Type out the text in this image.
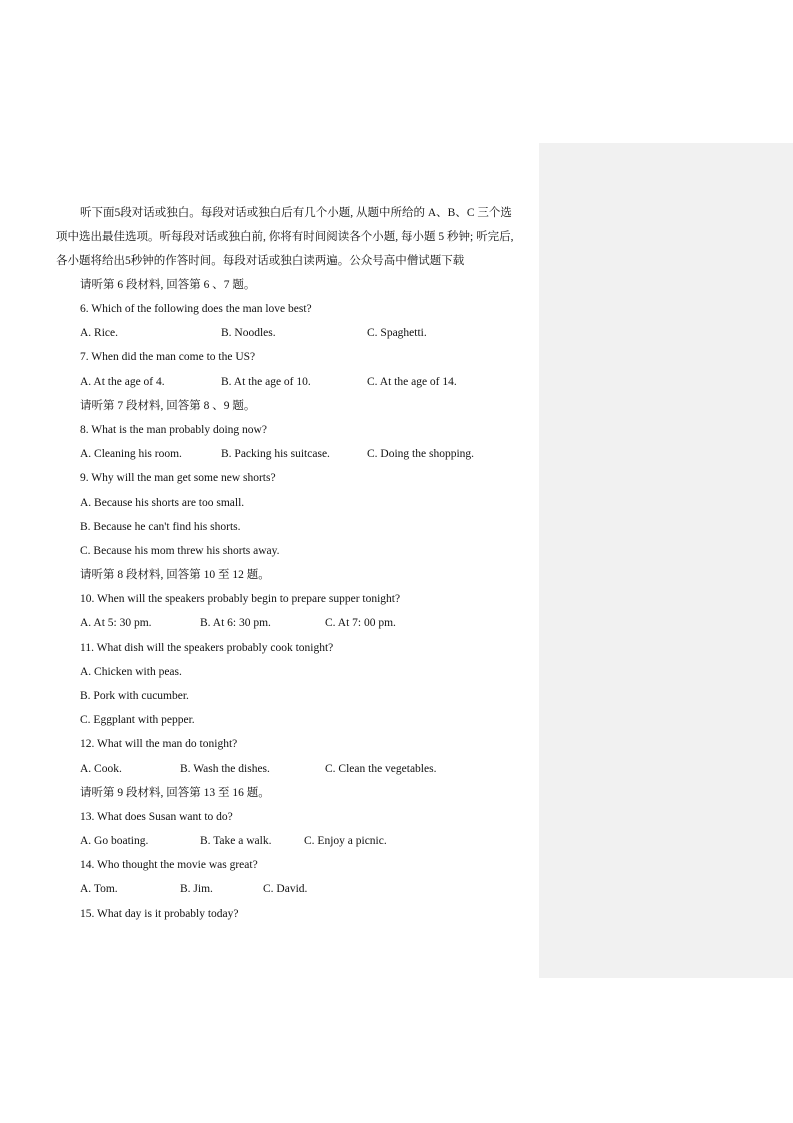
听下面5段对话或独白。每段对话或独白后有几个小题, 从题中所给的 A、B、C 三个选
项中选出最佳选项。听每段对话或独白前, 你将有时间阅读各个小题, 每小题 5 秒钟; 听完后,
各小题将给出5秒钟的作答时间。每段对话或独白读两遍。公众号高中僧试题下载
请听第 6 段材料, 回答第 6 、7 题。
6. Which of the following does the man love best?
A. Rice.	B. Noodles.	C. Spaghetti.
7. When did the man come to the US?
A. At the age of 4.	B. At the age of 10.	C. At the age of 14.
请听第 7 段材料, 回答第 8 、9 题。
8. What is the man probably doing now?
A. Cleaning his room.	B. Packing his suitcase.	C. Doing the shopping.
9. Why will the man get some new shorts?
A. Because his shorts are too small.
B. Because he can't find his shorts.
C. Because his mom threw his shorts away.
请听第 8 段材料, 回答第 10 至 12 题。
10. When will the speakers probably begin to prepare supper tonight?
A. At 5: 30 pm.	B. At 6: 30 pm.	C. At 7: 00 pm.
11. What dish will the speakers probably cook tonight?
A. Chicken with peas.
B. Pork with cucumber.
C. Eggplant with pepper.
12. What will the man do tonight?
A. Cook.	B. Wash the dishes.	C. Clean the vegetables.
请听第 9 段材料, 回答第 13 至 16 题。
13. What does Susan want to do?
A. Go boating.	B. Take a walk.	C. Enjoy a picnic.
14. Who thought the movie was great?
A. Tom.	B. Jim.	C. David.
15. What day is it probably today?
